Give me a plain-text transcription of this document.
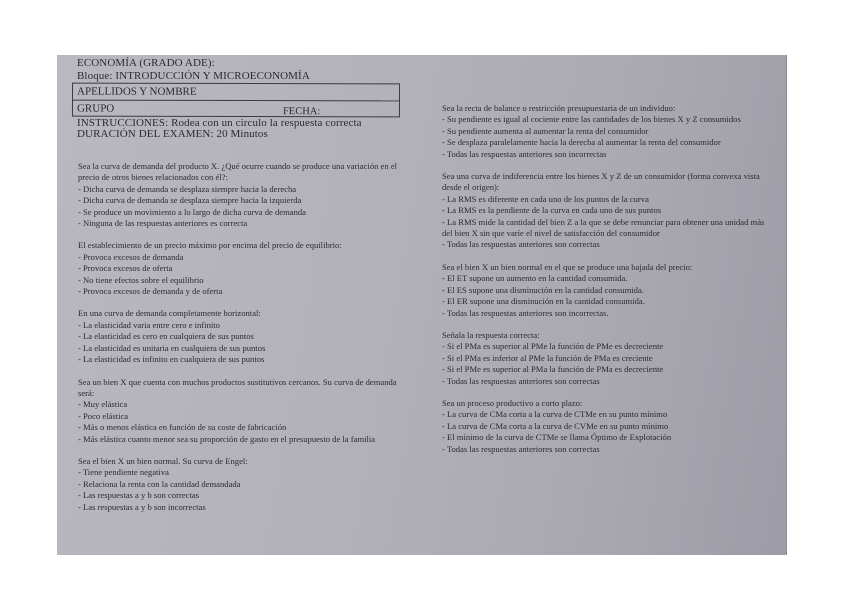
ECONOMÍA (GRADO ADE):
Bloque: INTRODUCCIÓN Y MICROECONOMÍA
APELLIDOS Y NOMBRE
GRUPO	FECHA:
INSTRUCCIONES: Rodea con un circulo la respuesta correcta
DURACIÓN DEL EXAMEN: 20 Minutos
Sea la curva de demanda del producto X. ¿Qué ocurre cuando se produce una variación en el precio de otros bienes relacionados con él?:
- Dicha curva de demanda se desplaza siempre hacia la derecha
- Dicha curva de demanda se desplaza siempre hacia la izquierda
- Se produce un movimiento a lo largo de dicha curva de demanda
- Ninguna de las respuestas anteriores es correcta
El establecimiento de un precio máximo por encima del precio de equilibrio:
- Provoca excesos de demanda
- Provoca excesos de oferta
- No tiene efectos sobre el equilibrio
- Provoca excesos de demanda y de oferta
En una curva de demanda completamente horizontal:
- La elasticidad varia entre cero e infinito
- La elasticidad es cero en cualquiera de sus puntos
- La elasticidad es unitaria en cualquiera de sus puntos
- La elasticidad es infinito en cualquiera de sus puntos
Sea un bien X que cuenta con muchos productos sustitutivos cercanos. Su curva de demanda será:
- Muy elástica
- Poco elástica
- Más o menos elástica en función de su coste de fabricación
- Más elástica cuanto menor sea su proporción de gasto en el presupuesto de la familia
Sea el bien X un bien normal. Su curva de Engel:
- Tiene pendiente negativa
- Relaciona la renta con la cantidad demandada
- Las respuestas a y b son correctas
- Las respuestas a y b son incorrectas
Sea la recta de balance o restricción presupuestaria de un individuo:
- Su pendiente es igual al cociente entre las cantidades de los bienes X y Z consumidos
- Su pendiente aumenta al aumentar la renta del consumidor
- Se desplaza paralelamente hacia la derecha al aumentar la renta del consumidor
- Todas las respuestas anteriores son incorrectas
Sea una curva de indiferencia entre los bienes X y Z de un consumidor (forma convexa vista desde el origen):
- La RMS es diferente en cada uno de los puntos de la curva
- La RMS es la pendiente de la curva en cada uno de sus puntos
- La RMS mide la cantidad del bien Z a la que se debe renunciar para obtener una unidad más del bien X sin que varíe el nivel de satisfacción del consumidor
- Todas las respuestas anteriores son correctas
Sea el bien X un bien normal en el que se produce una bajada del precio:
- El ET supone un aumento en la cantidad consumida.
- El ES supone una disminución en la cantidad consumida.
- El ER supone una disminución en la cantidad consumida.
- Todas las respuestas anteriores son incorrectas.
Señala la respuesta correcta:
- Si el PMa es superior al PMe la función de PMe es decreciente
- Si el PMa es inferior al PMe la función de PMa es creciente
- Si el PMe es superior al PMa la función de PMa es decreciente
- Todas las respuestas anteriores son correctas
Sea un proceso productivo a corto plazo:
- La curva de CMa corta a la curva de CTMe en su punto mínimo
- La curva de CMa corta a la curva de CVMe en su punto mínimo
- El mínimo de la curva de CTMe se llama Óptimo de Explotación
- Todas las respuestas anteriores son correctas
